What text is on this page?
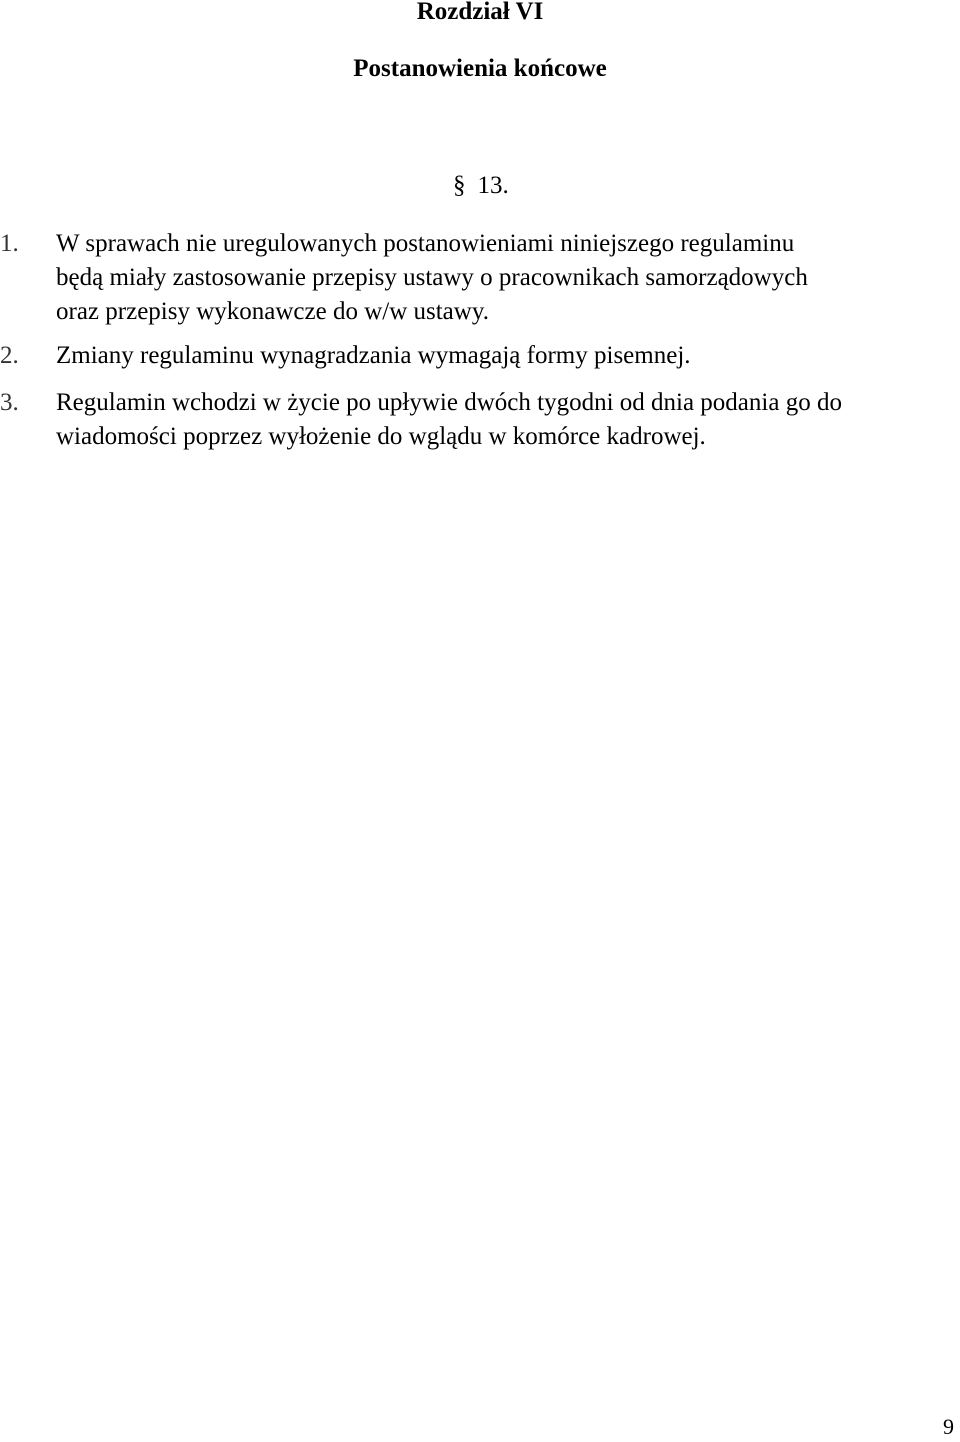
Rozdział VI
Postanowienia końcowe
§ 13.
1.	W sprawach nie uregulowanych postanowieniami niniejszego regulaminu
będą miały zastosowanie przepisy ustawy o pracownikach samorządowych
oraz przepisy wykonawcze do w/w ustawy.
2.	Zmiany regulaminu wynagradzania wymagają formy pisemnej.
3.	Regulamin wchodzi w życie po upływie dwóch tygodni od dnia podania go do
wiadomości poprzez wyłożenie do wglądu w komórce kadrowej.
9
